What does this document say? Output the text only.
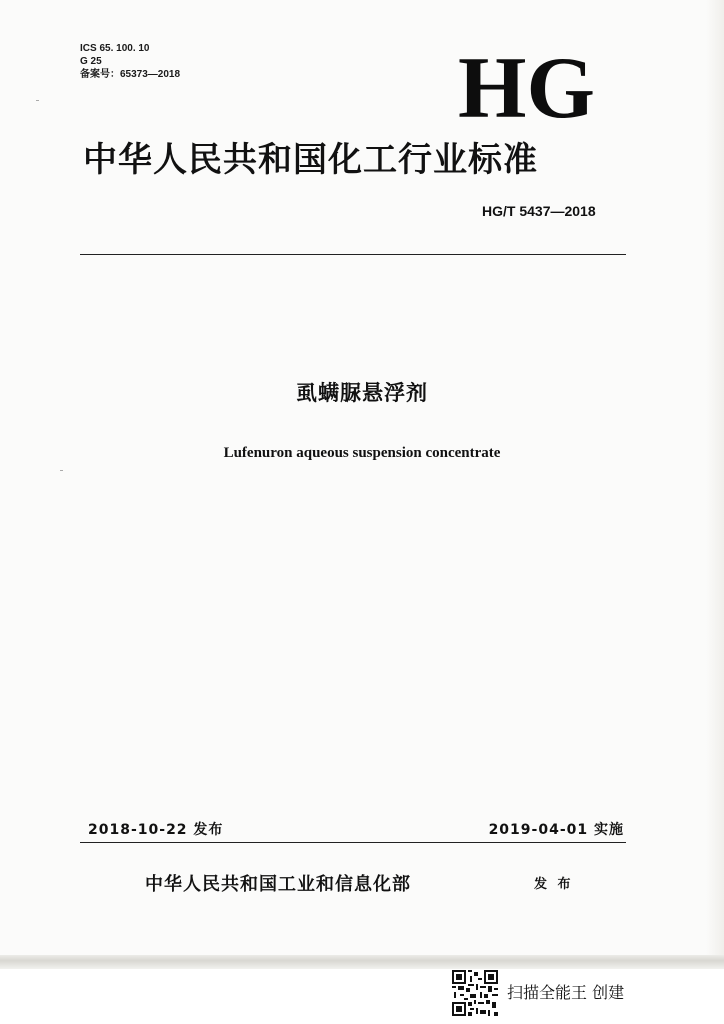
ICS 65. 100. 10
G 25
备案号：65373—2018	HG
中华人民共和国化工行业标准
HG/T 5437—2018
虱螨脲悬浮剂
Lufenuron aqueous suspension concentrate
2018-10-22 发布	2019-04-01 实施
中华人民共和国工业和信息化部	发 布
扫描全能王 创建
